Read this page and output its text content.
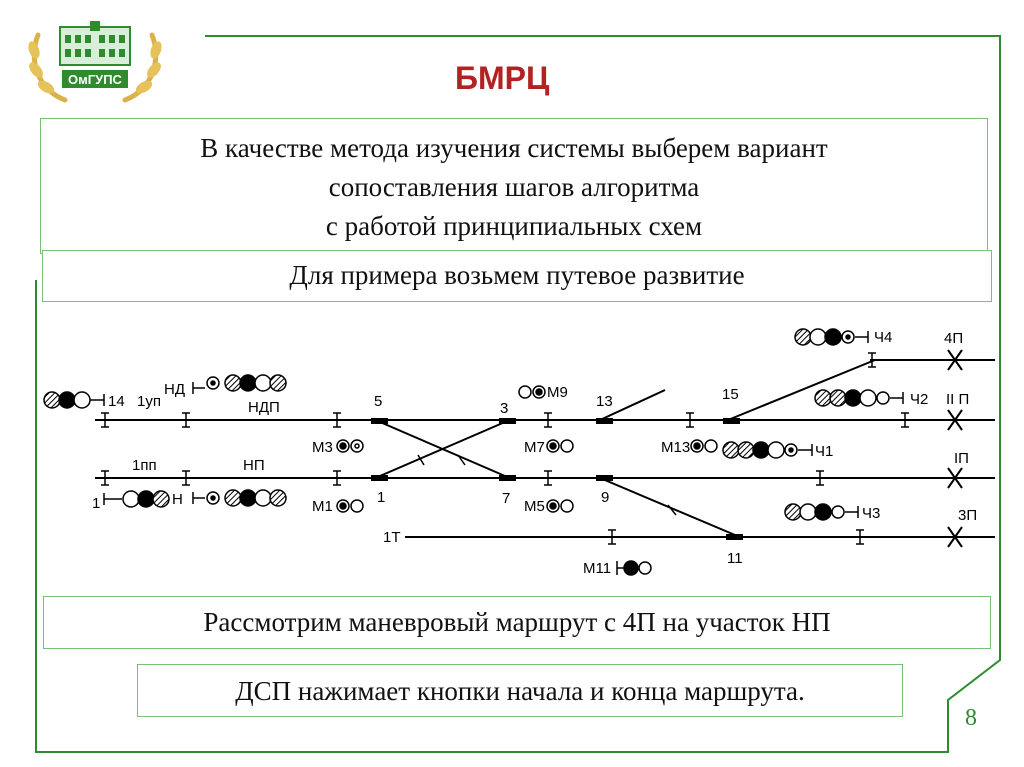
ОмГУПС	БМРЦ
В качестве метода изучения системы выберем вариант
сопоставления шагов алгоритма
с работой принципиальных схем
Для примера возьмем путевое развитие
14 1уп
НД
НДП
1пп	НП
1	Н
M3
M1
5
1
3
7
M7
M5
M9
13
9
M13
15
11
M11
1Т
Ч4
Ч2
Ч1
Ч3
4П
II П
IП
3П
Рассмотрим маневровый маршрут с 4П на участок НП
ДСП нажимает кнопки начала и конца маршрута.
8
